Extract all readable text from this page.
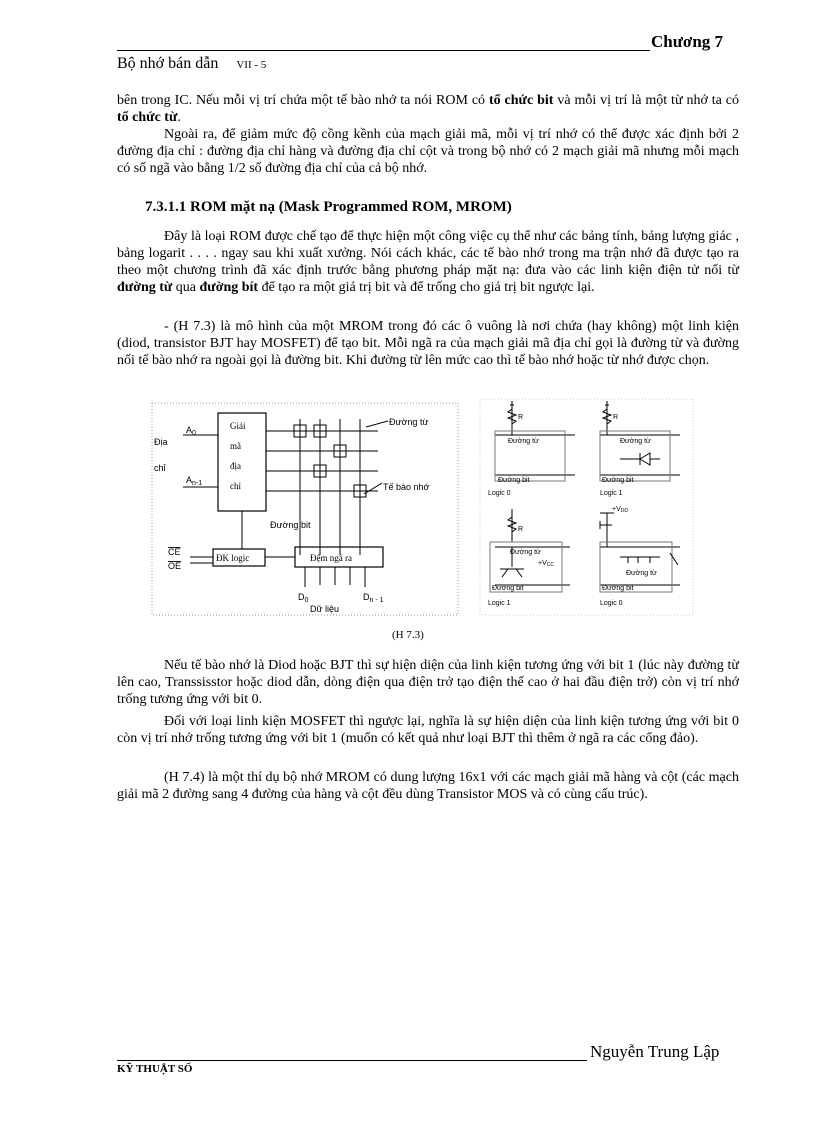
Chương 7
Bộ nhớ bán dẫn VII - 5
bên trong IC. Nếu mỗi vị trí chứa một tế bào nhớ ta nói ROM có tổ chức bit và mỗi vị trí là một từ nhớ ta có tổ chức từ.
Ngoài ra, để giảm mức độ cồng kềnh của mạch giải mã, mỗi vị trí nhớ có thể được xác định bởi 2 đường địa chỉ : đường địa chỉ hàng và đường địa chỉ cột và trong bộ nhớ có 2 mạch giải mã nhưng mỗi mạch có số ngã vào bằng 1/2 số đường địa chỉ của cả bộ nhớ.
7.3.1.1 ROM mặt nạ (Mask Programmed ROM, MROM)
Đây là loại ROM được chế tạo để thực hiện một công việc cụ thể như các bảng tính, bảng lượng giác , bảng logarit . . . . ngay sau khi xuất xưởng. Nói cách khác, các tế bào nhớ trong ma trận nhớ đã được tạo ra theo một chương trình đã xác định trước bằng phương pháp mặt nạ: đưa vào các linh kiện điện tử nối từ đường từ qua đường bít để tạo ra một giá trị bit và để trống cho giá trị bit ngược lại.
- (H 7.3) là mô hình của một MROM trong đó các ô vuông là nơi chứa (hay không) một linh kiện (diod, transistor BJT hay MOSFET) để tạo bit. Mỗi ngã ra của mạch giải mã địa chỉ gọi là đường từ và đường nối tế bào nhớ ra ngoài gọi là đường bit. Khi đường từ lên mức cao thì tế bào nhớ hoặc từ nhớ được chọn.
Địa
chỉ
$A_0$
$A_{n-1}$
Giải
mã
địa
chỉ
Đường từ
Tế bào nhớ
Đường bit
CE
OE
ĐK logic	Đệm ngã ra
$D_0$	$D_{n - 1}$
Dữ liệu
R	R
R
Đường từ	Đường từ
Đường từ
Đường từ
Đường bit	Đường bit
Đường bit	Đường bit
Logic 0	Logic 1
Logic 1	Logic 0
+VDD
+VCC
(H 7.3)
Nếu tế bào nhớ là Diod hoặc BJT thì sự hiện diện của linh kiện tương ứng với bit 1 (lúc này đường từ lên cao, Transsisstor hoặc diod dẫn, dòng điện qua điện trở tạo điện thế cao ở hai đầu điện trở) còn vị trí nhớ trống tương ứng với bit 0.
Đối với loại linh kiện MOSFET thì ngược lại, nghĩa là sự hiện diện của linh kiện tương ứng với bit 0 còn vị trí nhớ trống tương ứng với bit 1 (muốn có kết quả như loại BJT thì thêm ở ngã ra các cổng đảo).
(H 7.4) là một thí dụ bộ nhớ MROM có dung lượng 16x1 với các mạch giải mã hàng và cột (các mạch giải mã 2 đường sang 4 đường của hàng và cột đều dùng Transistor MOS và có cùng cấu trúc).
Nguyễn Trung Lập
KỸ THUẬT SỐ
